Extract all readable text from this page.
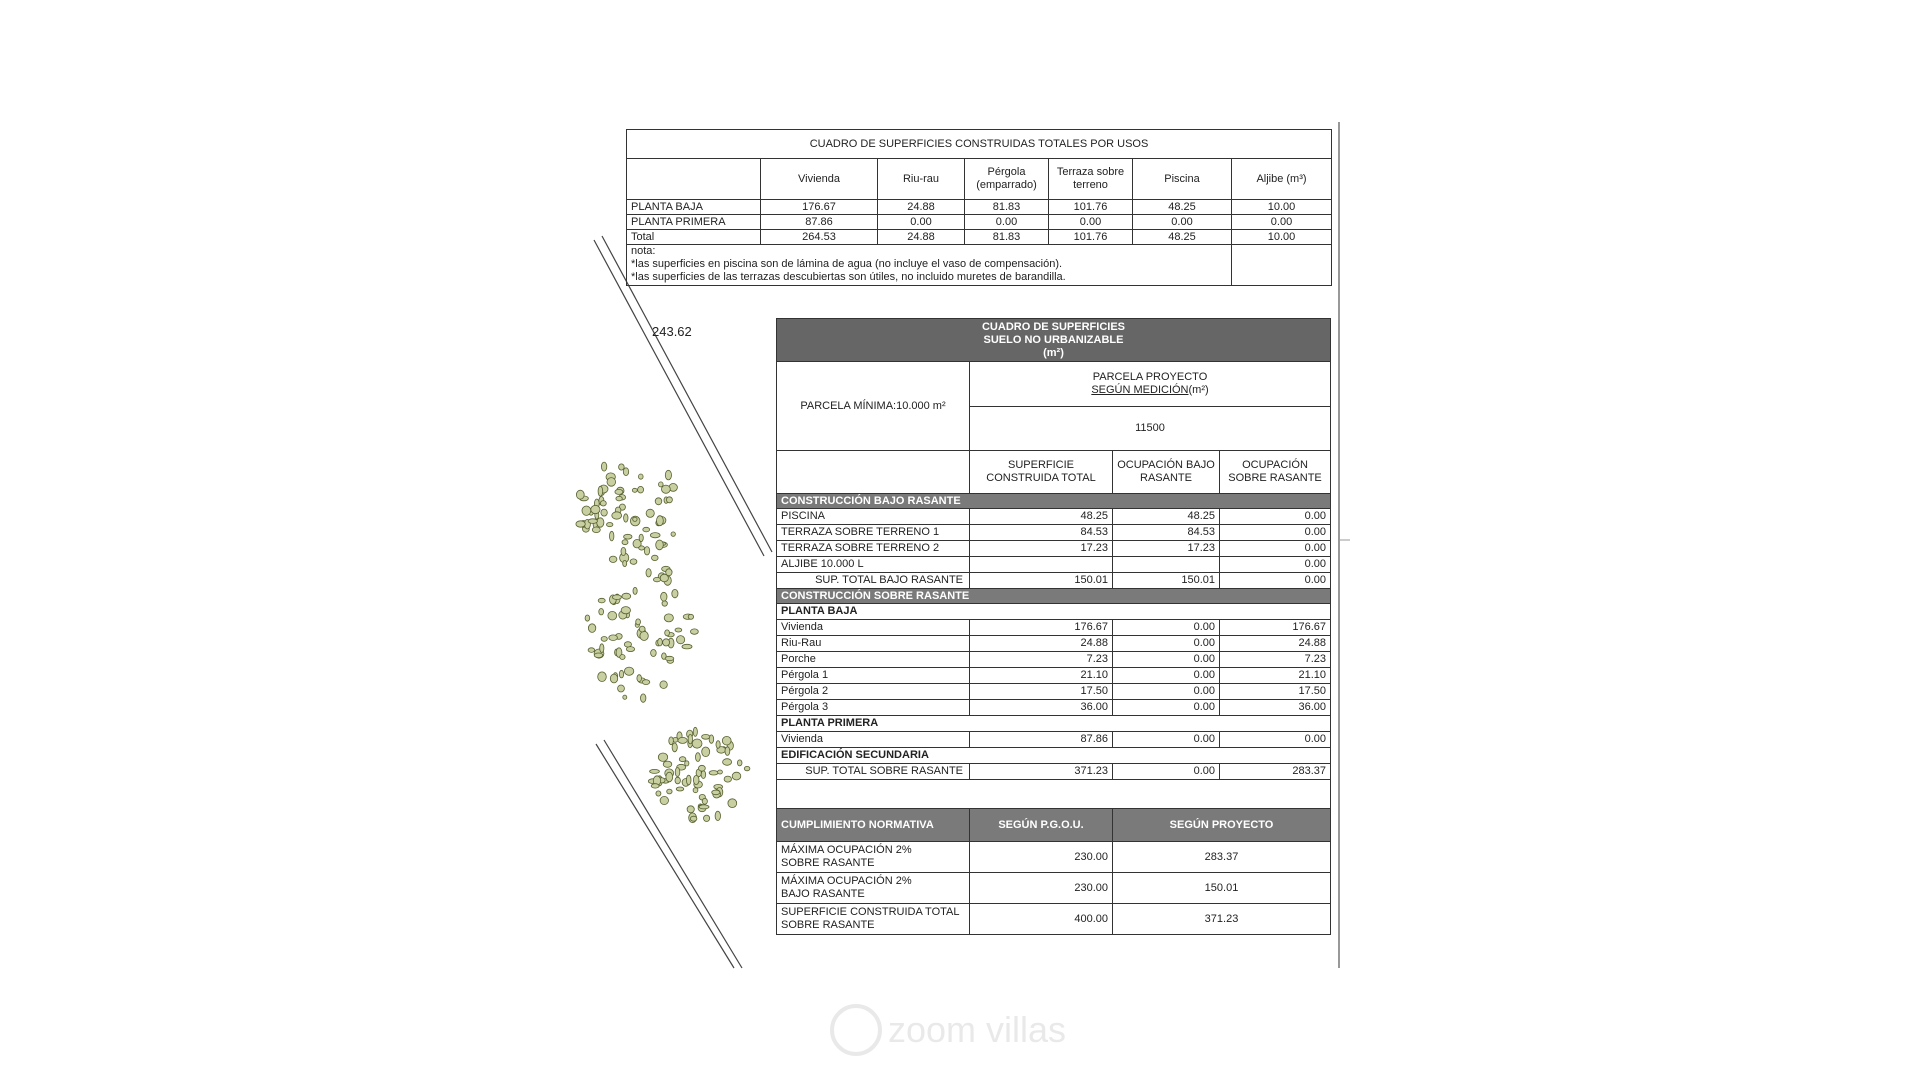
243.62
CUADRO DE SUPERFICIES CONSTRUIDAS TOTALES POR USOS						
	Vivienda	Riu-rau	Pérgola (emparrado)	Terraza sobre terreno	Piscina	Aljibe (m³)
PLANTA BAJA	176.67	24.88	81.83	101.76	48.25	10.00
PLANTA PRIMERA	87.86	0.00	0.00	0.00	0.00	0.00
Total	264.53	24.88	81.83	101.76	48.25	10.00

nota:
*las superficies en piscina son de lámina de agua (no incluye el vaso de compensación).
*las superficies de las terrazas descubiertas son útiles, no incluido muretes de barandilla.						

CUADRO DE SUPERFICIES
SUELO NO URBANIZABLE
(m²)			

PARCELA MÍNIMA:10.000 m²	PARCELA PROYECTO
SEGÚN MEDICIÓN(m²)		

	11500		
	SUPERFICIE CONSTRUIDA TOTAL	OCUPACIÓN BAJO RASANTE	OCUPACIÓN SOBRE RASANTE
CONSTRUCCIÓN BAJO RASANTE			
PISCINA	48.25	48.25	0.00
TERRAZA SOBRE TERRENO 1	84.53	84.53	0.00
TERRAZA SOBRE TERRENO 2	17.23	17.23	0.00
ALJIBE 10.000 L			0.00
SUP. TOTAL BAJO RASANTE	150.01	150.01	0.00
CONSTRUCCIÓN SOBRE RASANTE			
PLANTA BAJA			
Vivienda	176.67	0.00	176.67
Riu-Rau	24.88	0.00	24.88
Porche	7.23	0.00	7.23
Pérgola 1	21.10	0.00	21.10
Pérgola 2	17.50	0.00	17.50
Pérgola 3	36.00	0.00	36.00
PLANTA PRIMERA			
Vivienda	87.86	0.00	0.00
EDIFICACIÓN SECUNDARIA			
SUP. TOTAL SOBRE RASANTE	371.23	0.00	283.37

CUMPLIMIENTO NORMATIVA	SEGÚN P.G.O.U.	SEGÚN PROYECTO	

MÁXIMA OCUPACIÓN 2%
SOBRE RASANTE	230.00	283.37	

MÁXIMA OCUPACIÓN 2%
BAJO RASANTE	230.00	150.01	

SUPERFICIE CONSTRUIDA TOTAL
SOBRE RASANTE	400.00	371.23	
zoom villas
